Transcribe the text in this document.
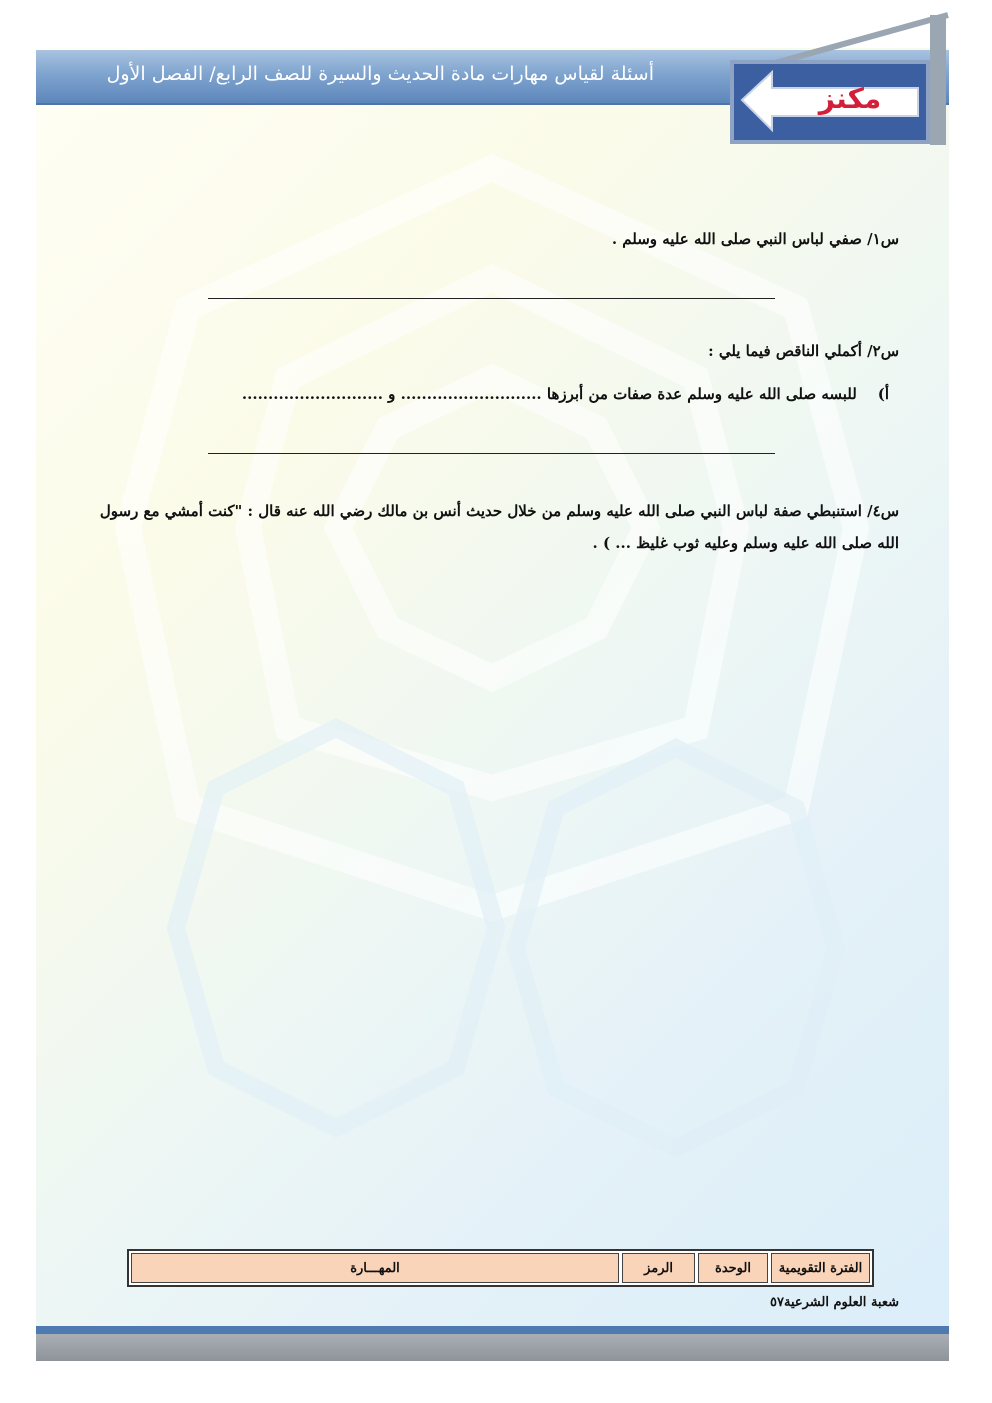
أسئلة لقياس مهارات مادة الحديث والسيرة للصف الرابع/ الفصل الأول
مكنز
س١/ صفي لباس النبي صلى الله عليه وسلم .
س٢/ أكملي الناقص فيما يلي :
أ)    للبسه صلى الله عليه وسلم عدة صفات من أبرزها ........................... و ...........................
س٤/ استنبطي صفة لباس النبي صلى الله عليه وسلم من خلال حديث أنس بن مالك رضي الله عنه قال : "كنت أمشي مع رسول
الله صلى الله عليه وسلم وعليه ثوب غليظ ... ) .
الفترة التقويمية
الوحدة
الرمز
المهـــارة
شعبة العلوم الشرعية٥٧
